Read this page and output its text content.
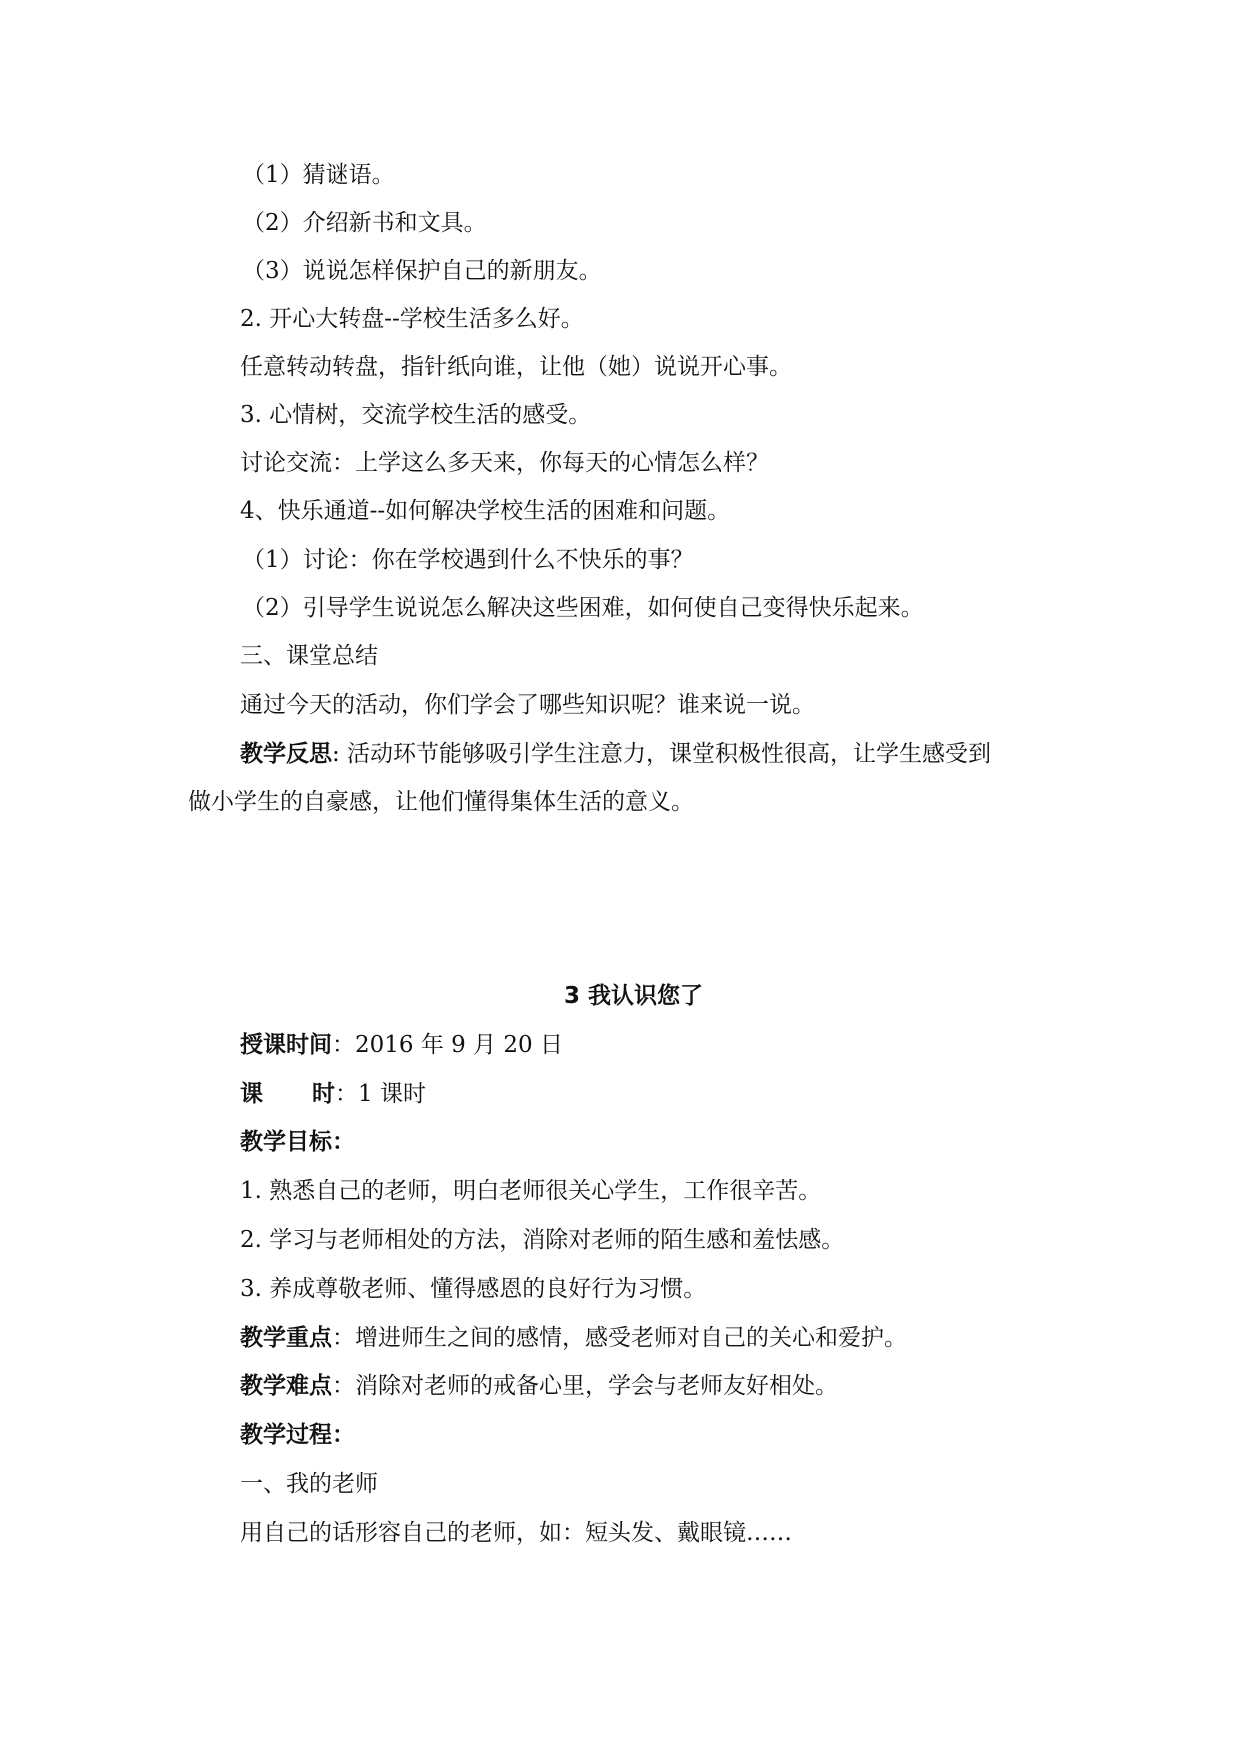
（1）猜谜语。
（2）介绍新书和文具。
（3）说说怎样保护自己的新朋友。
2. 开心大转盘--学校生活多么好。
任意转动转盘，指针纸向谁，让他（她）说说开心事。
3. 心情树，交流学校生活的感受。
讨论交流：上学这么多天来，你每天的心情怎么样？
4、快乐通道--如何解决学校生活的困难和问题。
（1）讨论：你在学校遇到什么不快乐的事？
（2）引导学生说说怎么解决这些困难，如何使自己变得快乐起来。
三、课堂总结
通过今天的活动，你们学会了哪些知识呢？谁来说一说。
教学反思: 活动环节能够吸引学生注意力，课堂积极性很高，让学生感受到
做小学生的自豪感，让他们懂得集体生活的意义。
3 我认识您了
授课时间：2016 年 9 月 20 日
课 时：1 课时
教学目标：
1. 熟悉自己的老师，明白老师很关心学生，工作很辛苦。
2. 学习与老师相处的方法，消除对老师的陌生感和羞怯感。
3. 养成尊敬老师、懂得感恩的良好行为习惯。
教学重点：增进师生之间的感情，感受老师对自己的关心和爱护。
教学难点：消除对老师的戒备心里，学会与老师友好相处。
教学过程：
一、我的老师
用自己的话形容自己的老师，如：短头发、戴眼镜……
